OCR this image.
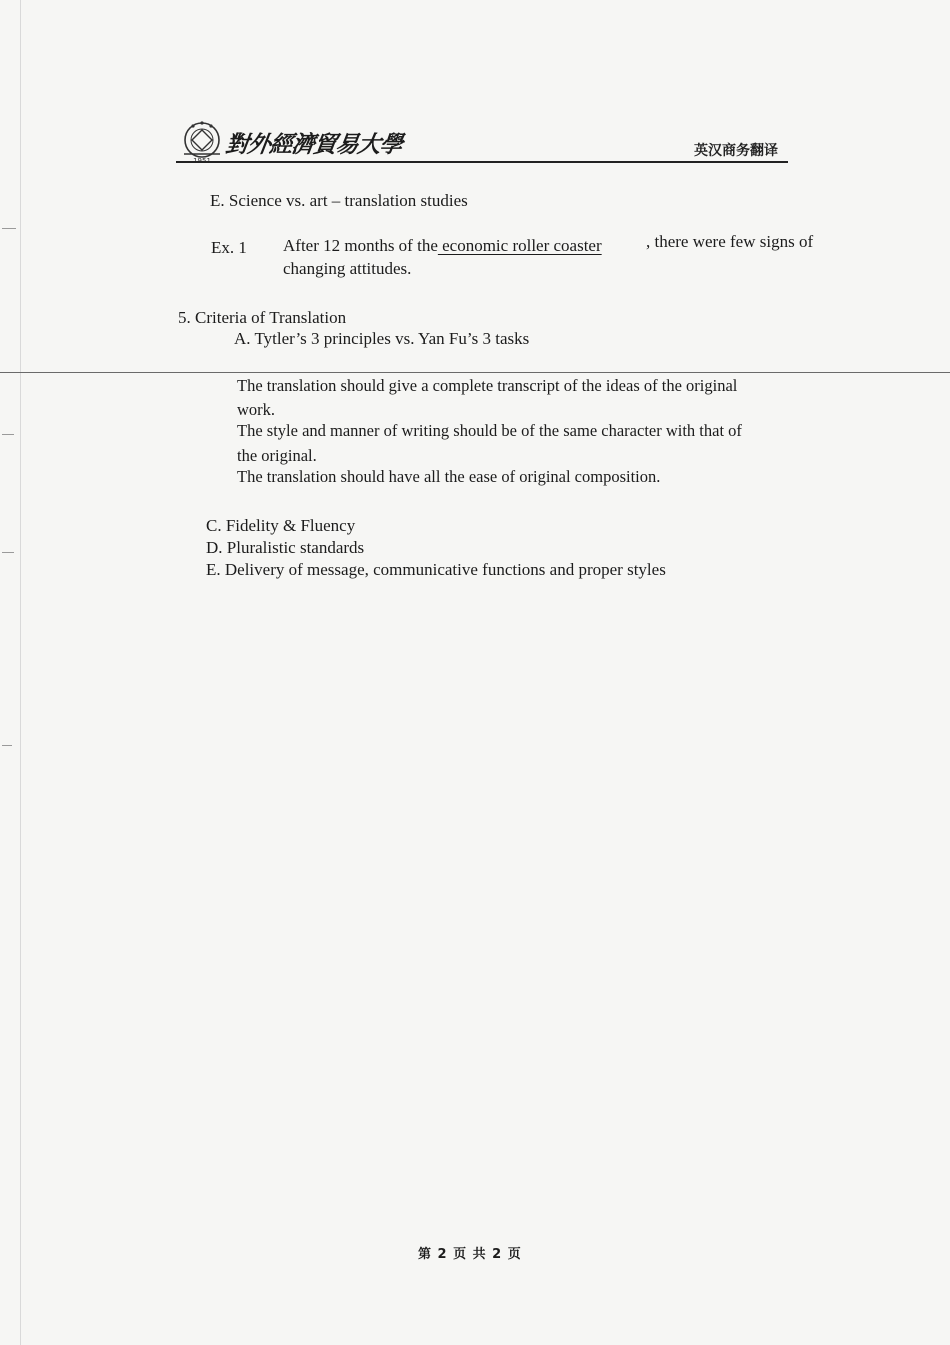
對外經濟貿易大學	英汉商务翻译
E. Science vs. art – translation studies
Ex. 1 After 12 months of the economic roller coaster	, there were few signs of
changing attitudes.
5. Criteria of Translation
A. Tytler’s 3 principles vs. Yan Fu’s 3 tasks
The translation should give a complete transcript of the ideas of the original
work.
The style and manner of writing should be of the same character with that of
the original.
The translation should have all the ease of original composition.
C. Fidelity & Fluency
D. Pluralistic standards
E. Delivery of message, communicative functions and proper styles
第 2 页 共 2 页
